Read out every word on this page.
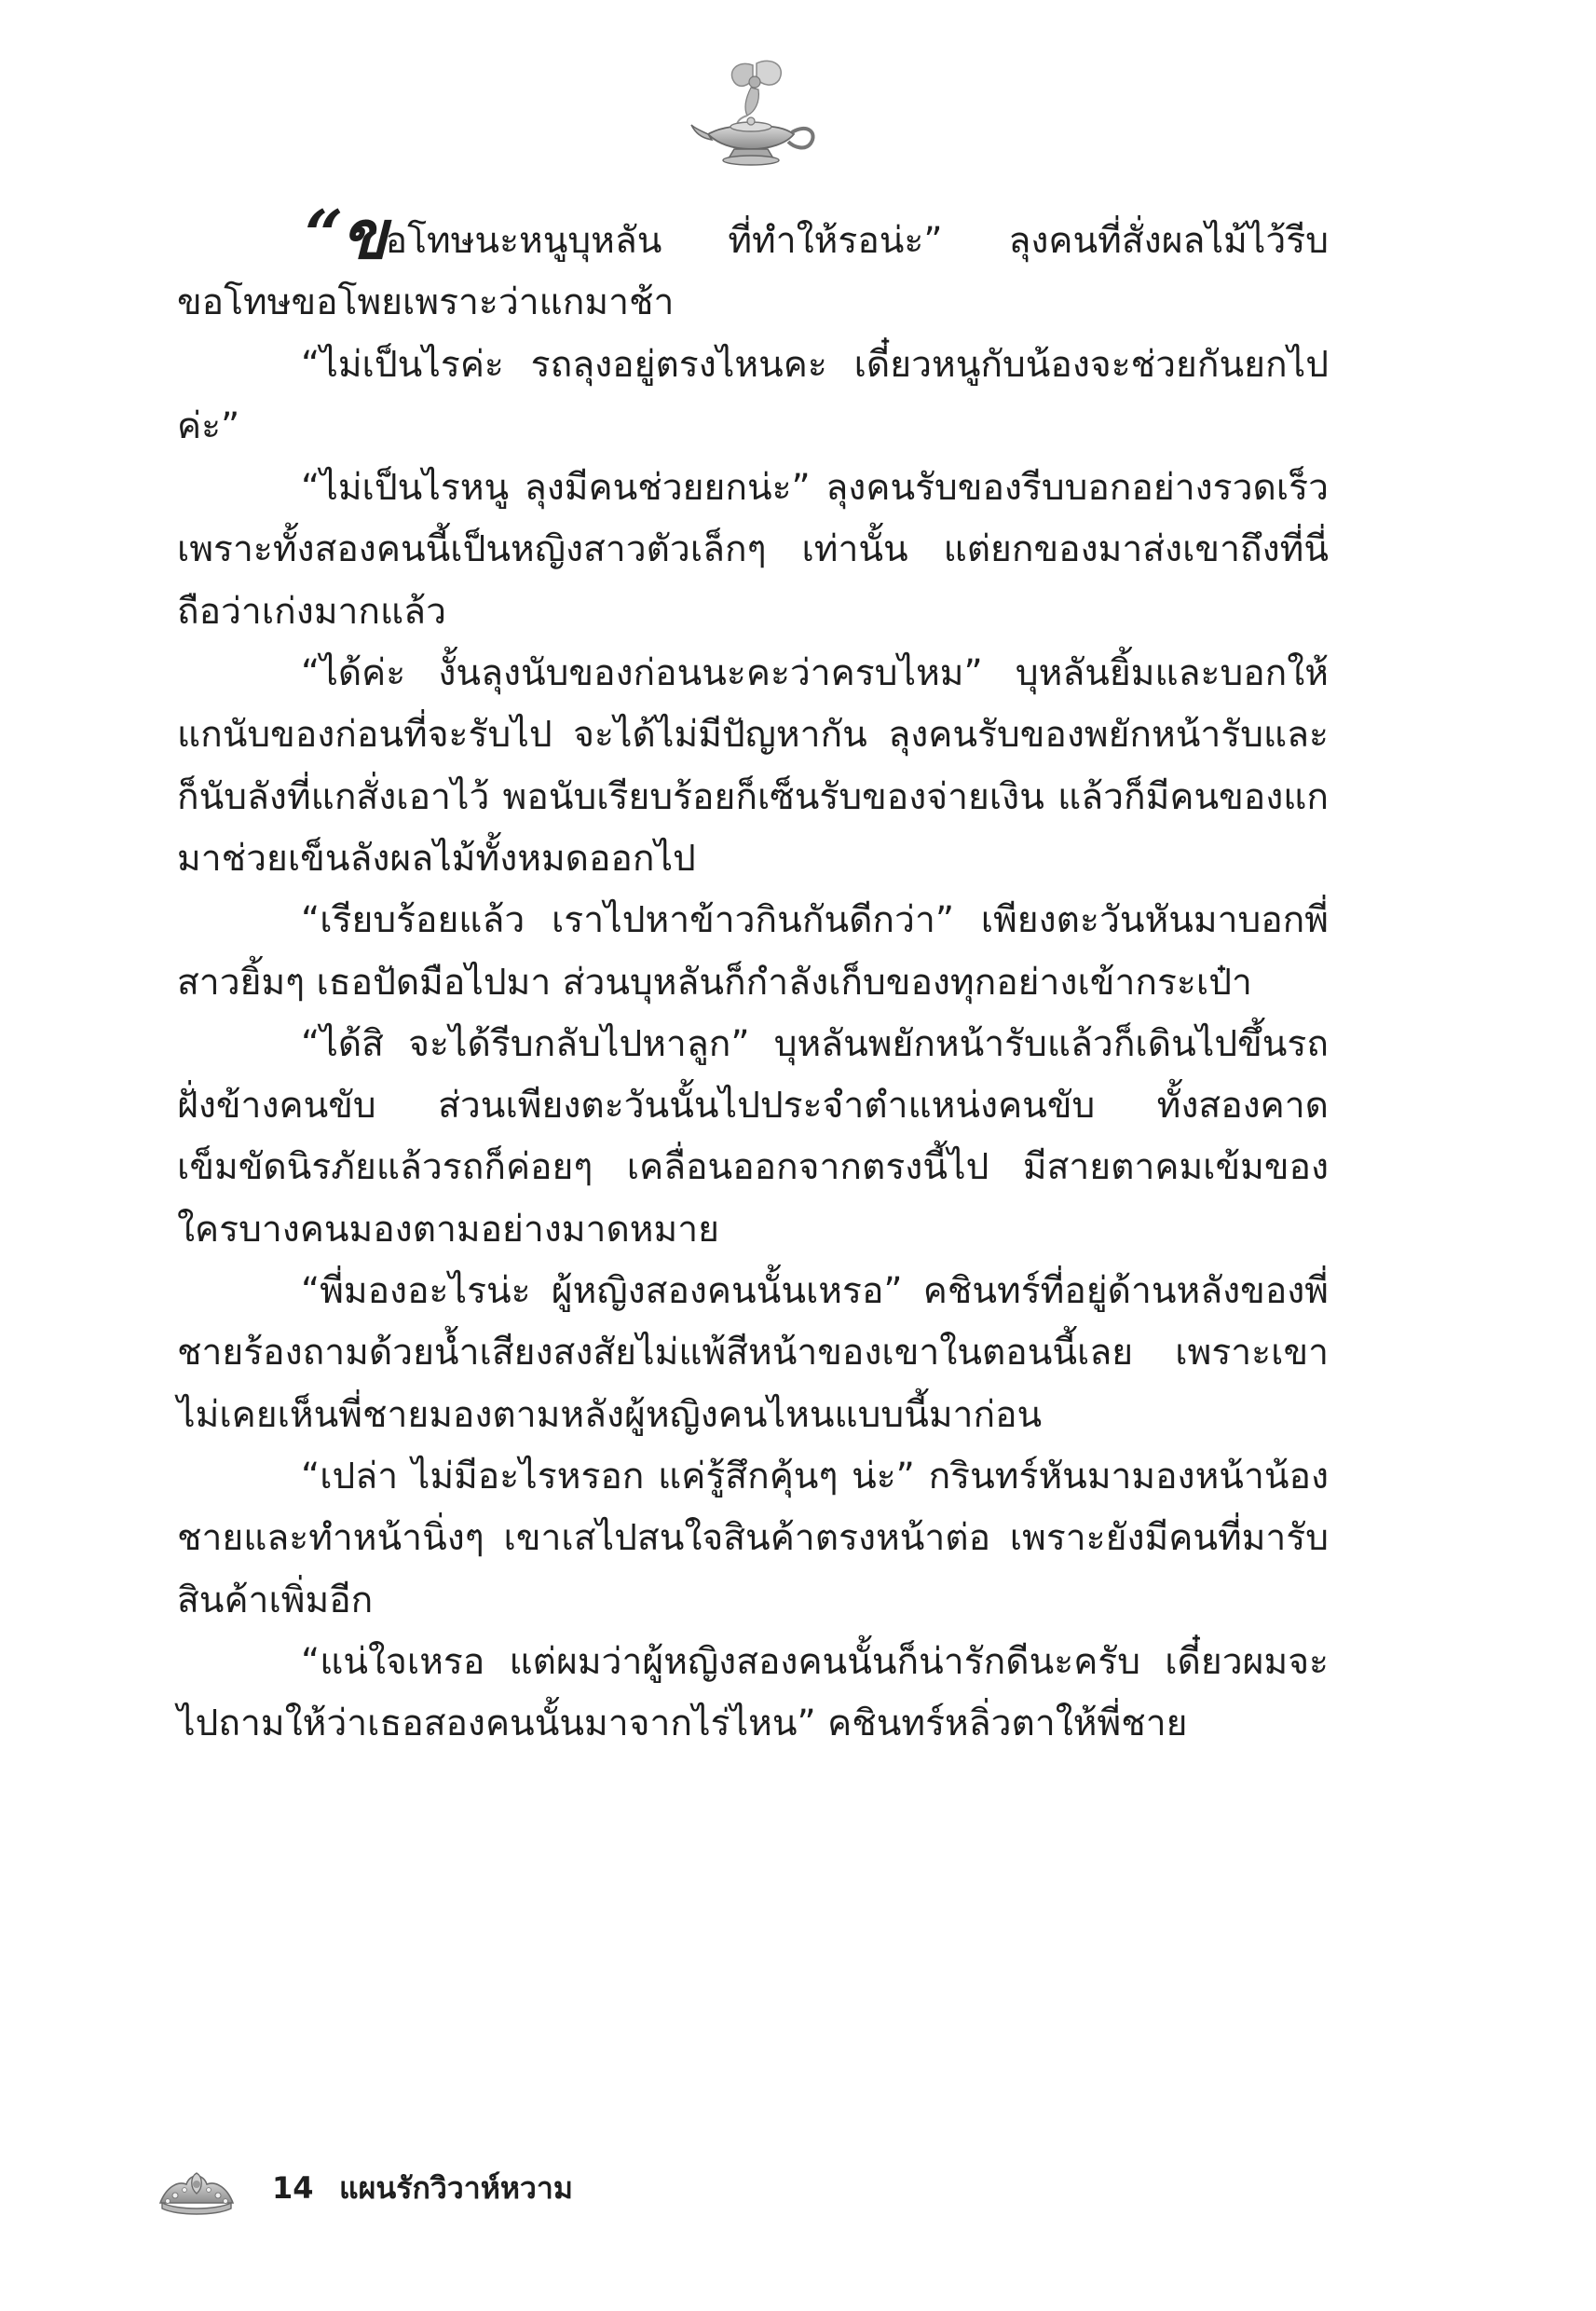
“ขอโทษนะหนูบุหลัน ที่ทำให้รอน่ะ” ลุงคนที่สั่งผลไม้ไว้รีบขอโทษขอโพยเพราะว่าแกมาช้า

“ไม่เป็นไรค่ะ รถลุงอยู่ตรงไหนคะ เดี๋ยวหนูกับน้องจะช่วยกันยกไปค่ะ”

“ไม่เป็นไรหนู ลุงมีคนช่วยยกน่ะ” ลุงคนรับของรีบบอกอย่างรวดเร็ว เพราะทั้งสองคนนี้เป็นหญิงสาวตัวเล็กๆ เท่านั้น แต่ยกของมาส่งเขาถึงที่นี่ถือว่าเก่งมากแล้ว

“ได้ค่ะ งั้นลุงนับของก่อนนะคะว่าครบไหม” บุหลันยิ้มและบอกให้แกนับของก่อนที่จะรับไป จะได้ไม่มีปัญหากัน ลุงคนรับของพยักหน้ารับและก็นับลังที่แกสั่งเอาไว้ พอนับเรียบร้อยก็เซ็นรับของจ่ายเงิน แล้วก็มีคนของแกมาช่วยเข็นลังผลไม้ทั้งหมดออกไป

“เรียบร้อยแล้ว เราไปหาข้าวกินกันดีกว่า” เพียงตะวันหันมาบอกพี่สาวยิ้มๆ เธอปัดมือไปมา ส่วนบุหลันก็กำลังเก็บของทุกอย่างเข้ากระเป๋า

“ได้สิ จะได้รีบกลับไปหาลูก” บุหลันพยักหน้ารับแล้วก็เดินไปขึ้นรถฝั่งข้างคนขับ ส่วนเพียงตะวันนั้นไปประจำตำแหน่งคนขับ ทั้งสองคาดเข็มขัดนิรภัยแล้วรถก็ค่อยๆ เคลื่อนออกจากตรงนี้ไป มีสายตาคมเข้มของใครบางคนมองตามอย่างมาดหมาย

“พี่มองอะไรน่ะ ผู้หญิงสองคนนั้นเหรอ” คชินทร์ที่อยู่ด้านหลังของพี่ชายร้องถามด้วยน้ำเสียงสงสัยไม่แพ้สีหน้าของเขาในตอนนี้เลย เพราะเขาไม่เคยเห็นพี่ชายมองตามหลังผู้หญิงคนไหนแบบนี้มาก่อน

“เปล่า ไม่มีอะไรหรอก แค่รู้สึกคุ้นๆ น่ะ” กรินทร์หันมามองหน้าน้องชายและทำหน้านิ่งๆ เขาเสไปสนใจสินค้าตรงหน้าต่อ เพราะยังมีคนที่มารับสินค้าเพิ่มอีก

“แน่ใจเหรอ แต่ผมว่าผู้หญิงสองคนนั้นก็น่ารักดีนะครับ เดี๋ยวผมจะไปถามให้ว่าเธอสองคนนั้นมาจากไร่ไหน” คชินทร์หลิ่วตาให้พี่ชาย

14 แผนรักวิวาห์หวาม
